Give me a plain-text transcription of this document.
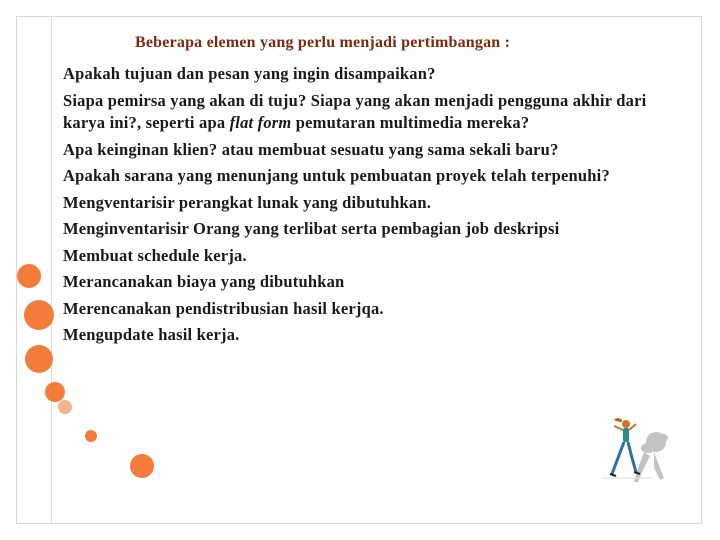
Beberapa elemen yang perlu menjadi pertimbangan :
Apakah tujuan dan pesan yang ingin disampaikan?
Siapa pemirsa yang akan di tuju? Siapa yang akan menjadi pengguna akhir dari karya ini?, seperti apa flat form pemutaran multimedia mereka?
Apa keinginan klien? atau membuat sesuatu yang sama sekali baru?
Apakah sarana yang menunjang untuk pembuatan proyek telah terpenuhi?
Mengventarisir perangkat lunak yang dibutuhkan.
Menginventarisir Orang yang terlibat serta pembagian job deskripsi
Membuat schedule kerja.
Merancanakan biaya yang dibutuhkan
Merencanakan pendistribusian hasil kerjqa.
Mengupdate hasil kerja.
